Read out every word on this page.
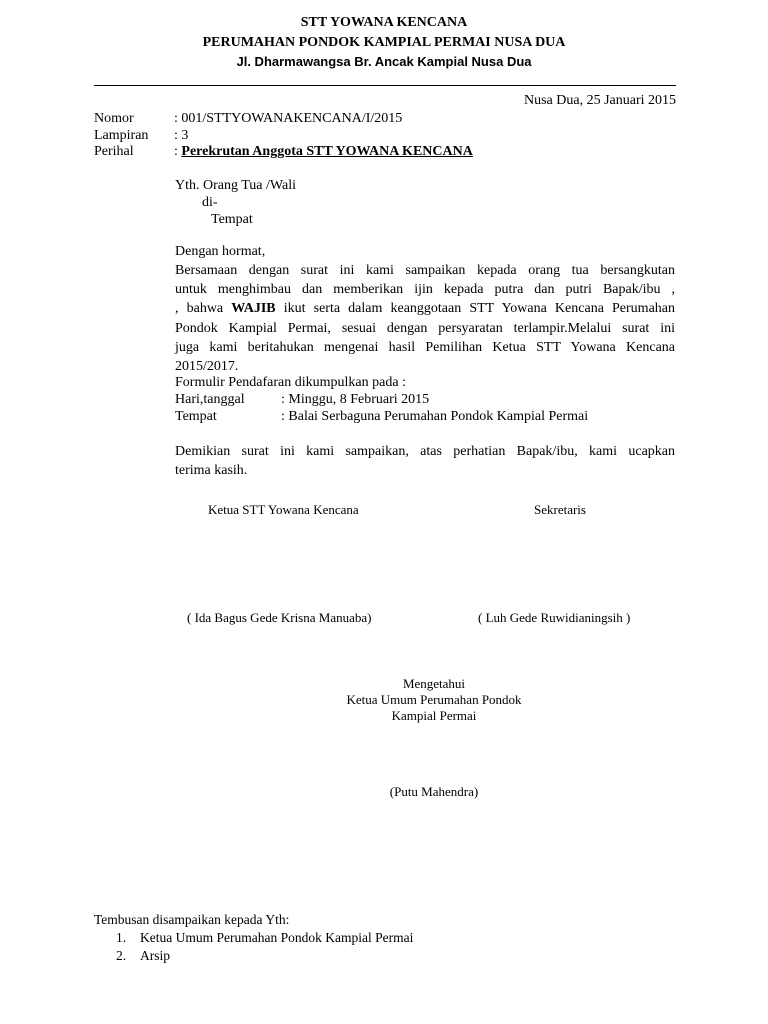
STT YOWANA KENCANA
PERUMAHAN PONDOK KAMPIAL PERMAI NUSA DUA
Jl. Dharmawangsa Br. Ancak Kampial Nusa Dua
Nusa Dua, 25 Januari 2015
Nomor	: 001/STTYOWANAKENCANA/I/2015
Lampiran : 3
Perihal	: Perekrutan Anggota STT YOWANA KENCANA
Yth. Orang Tua /Wali
di-
Tempat
Dengan hormat,
Bersamaan dengan surat ini kami sampaikan kepada orang tua bersangkutan
untuk menghimbau dan memberikan ijin kepada putra dan putri Bapak/ibu ,
, bahwa WAJIB ikut serta dalam keanggotaan STT Yowana Kencana Perumahan
Pondok Kampial Permai, sesuai dengan persyaratan terlampir.Melalui surat ini
juga kami beritahukan mengenai hasil Pemilihan Ketua STT Yowana Kencana
2015/2017.
Formulir Pendafaran dikumpulkan pada :
Hari,tanggal	: Minggu, 8 Februari 2015
Tempat	: Balai Serbaguna Perumahan Pondok Kampial Permai
Demikian surat ini kami sampaikan, atas perhatian Bapak/ibu, kami ucapkan
terima kasih.
Ketua STT Yowana Kencana	Sekretaris
( Ida Bagus Gede Krisna Manuaba)	( Luh Gede Ruwidianingsih )
Mengetahui
Ketua Umum Perumahan Pondok
Kampial Permai
(Putu Mahendra)
Tembusan disampaikan kepada Yth:
1. Ketua Umum Perumahan Pondok Kampial Permai
2. Arsip
